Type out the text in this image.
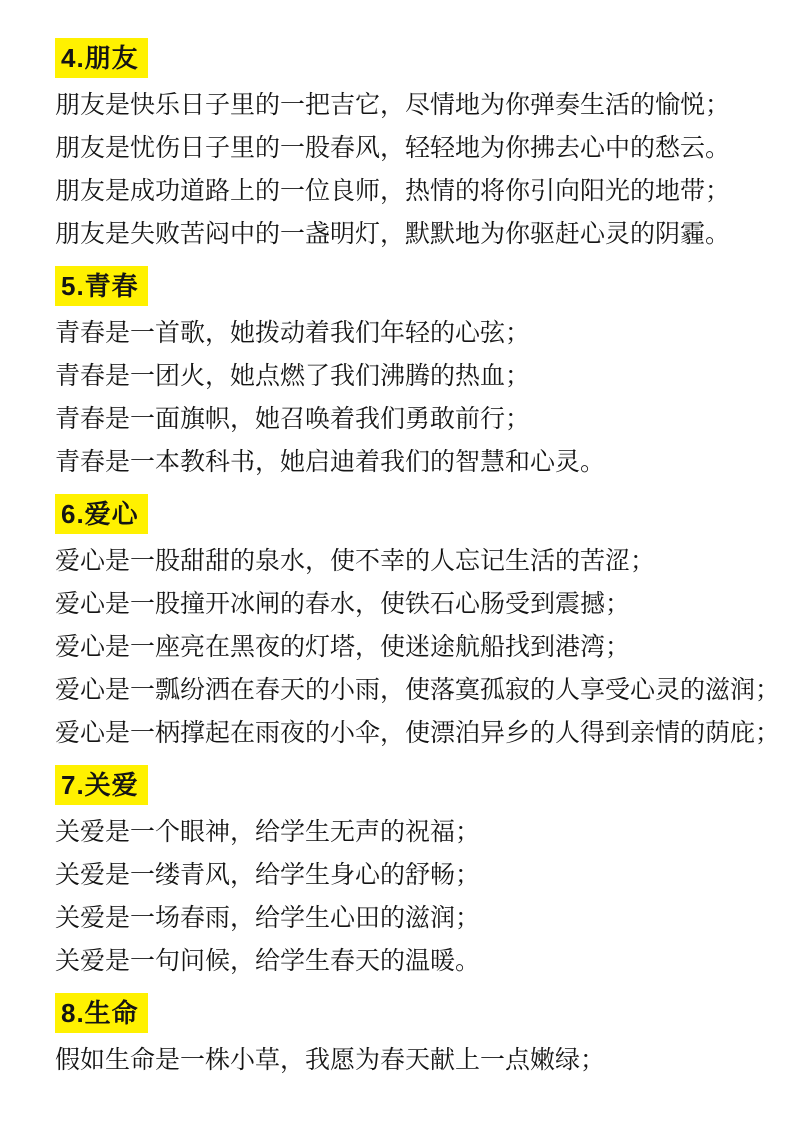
4.朋友

朋友是快乐日子里的一把吉它，尽情地为你弹奏生活的愉悦；

朋友是忧伤日子里的一股春风，轻轻地为你拂去心中的愁云。

朋友是成功道路上的一位良师，热情的将你引向阳光的地带；

朋友是失败苦闷中的一盏明灯，默默地为你驱赶心灵的阴霾。

5.青春

青春是一首歌，她拨动着我们年轻的心弦；

青春是一团火，她点燃了我们沸腾的热血；

青春是一面旗帜，她召唤着我们勇敢前行；

青春是一本教科书，她启迪着我们的智慧和心灵。

6.爱心

爱心是一股甜甜的泉水，使不幸的人忘记生活的苦涩；

爱心是一股撞开冰闸的春水，使铁石心肠受到震撼；

爱心是一座亮在黑夜的灯塔，使迷途航船找到港湾；

爱心是一瓢纷洒在春天的小雨，使落寞孤寂的人享受心灵的滋润；

爱心是一柄撑起在雨夜的小伞，使漂泊异乡的人得到亲情的荫庇；

7.关爱

关爱是一个眼神，给学生无声的祝福；

关爱是一缕青风，给学生身心的舒畅；

关爱是一场春雨，给学生心田的滋润；

关爱是一句问候，给学生春天的温暖。

8.生命

假如生命是一株小草，我愿为春天献上一点嫩绿；
